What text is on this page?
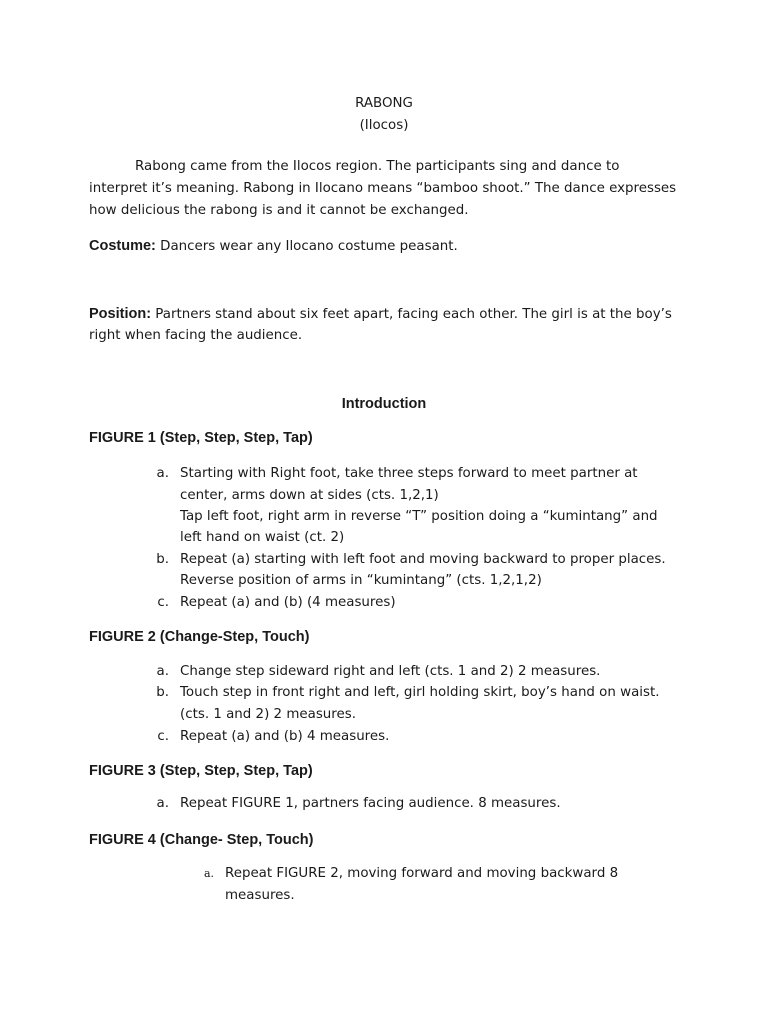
RABONG
(Ilocos)
Rabong came from the Ilocos region. The participants sing and dance to
interpret it’s meaning. Rabong in Ilocano means “bamboo shoot.” The dance expresses
how delicious the rabong is and it cannot be exchanged.
Costume: Dancers wear any Ilocano costume peasant.
Position: Partners stand about six feet apart, facing each other. The girl is at the boy’s
right when facing the audience.
Introduction
FIGURE 1 (Step, Step, Step, Tap)
a. Starting with Right foot, take three steps forward to meet partner at
center, arms down at sides (cts. 1,2,1)
Tap left foot, right arm in reverse “T” position doing a “kumintang” and
left hand on waist (ct. 2)
b. Repeat (a) starting with left foot and moving backward to proper places.
Reverse position of arms in “kumintang” (cts. 1,2,1,2)
c. Repeat (a) and (b) (4 measures)
FIGURE 2 (Change-Step, Touch)
a. Change step sideward right and left (cts. 1 and 2) 2 measures.
b. Touch step in front right and left, girl holding skirt, boy’s hand on waist.
(cts. 1 and 2) 2 measures.
c. Repeat (a) and (b) 4 measures.
FIGURE 3 (Step, Step, Step, Tap)
a. Repeat FIGURE 1, partners facing audience. 8 measures.
FIGURE 4 (Change- Step, Touch)
a. Repeat FIGURE 2, moving forward and moving backward 8
measures.
